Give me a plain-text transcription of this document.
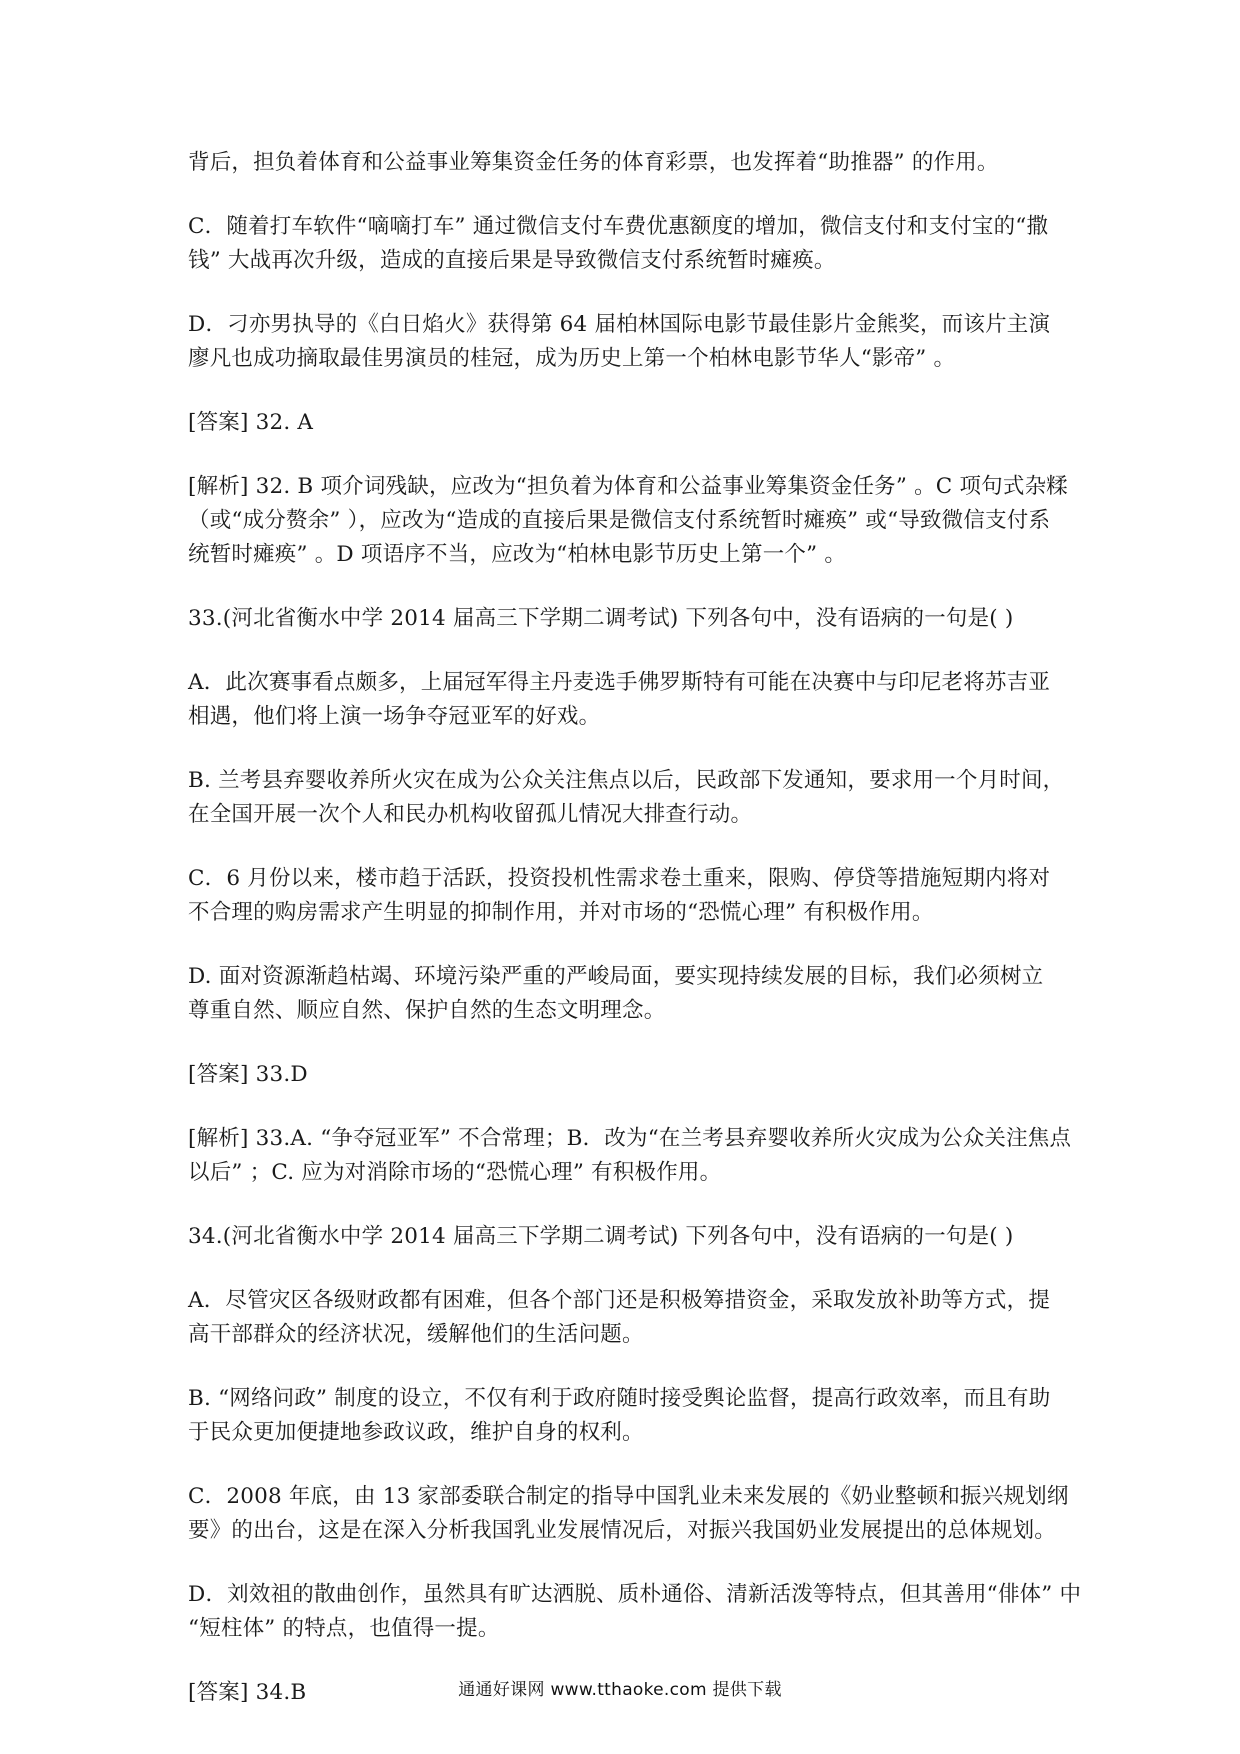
背后，担负着体育和公益事业筹集资金任务的体育彩票，也发挥着“助推器” 的作用。

C．随着打车软件“嘀嘀打车” 通过微信支付车费优惠额度的增加，微信支付和支付宝的“撒
钱” 大战再次升级，造成的直接后果是导致微信支付系统暂时瘫痪。

D．刁亦男执导的《白日焰火》获得第 64 届柏林国际电影节最佳影片金熊奖，而该片主演
廖凡也成功摘取最佳男演员的桂冠，成为历史上第一个柏林电影节华人“影帝” 。

[答案] 32. A

[解析] 32. B 项介词残缺，应改为“担负着为体育和公益事业筹集资金任务” 。C 项句式杂糅
（或“成分赘余” ），应改为“造成的直接后果是微信支付系统暂时瘫痪” 或“导致微信支付系
统暂时瘫痪” 。D 项语序不当，应改为“柏林电影节历史上第一个” 。

33.(河北省衡水中学 2014 届高三下学期二调考试) 下列各句中，没有语病的一句是( )

A．此次赛事看点颇多，上届冠军得主丹麦选手佛罗斯特有可能在决赛中与印尼老将苏吉亚
相遇，他们将上演一场争夺冠亚军的好戏。

B. 兰考县弃婴收养所火灾在成为公众关注焦点以后，民政部下发通知，要求用一个月时间，
在全国开展一次个人和民办机构收留孤儿情况大排查行动。

C．6 月份以来，楼市趋于活跃，投资投机性需求卷土重来，限购、停贷等措施短期内将对
不合理的购房需求产生明显的抑制作用，并对市场的“恐慌心理” 有积极作用。

D. 面对资源渐趋枯竭、环境污染严重的严峻局面，要实现持续发展的目标，我们必须树立
尊重自然、顺应自然、保护自然的生态文明理念。

[答案] 33.D

[解析] 33.A. “争夺冠亚军” 不合常理；B．改为“在兰考县弃婴收养所火灾成为公众关注焦点
以后” ；C. 应为对消除市场的“恐慌心理” 有积极作用。

34.(河北省衡水中学 2014 届高三下学期二调考试) 下列各句中，没有语病的一句是( )

A．尽管灾区各级财政都有困难，但各个部门还是积极筹措资金，采取发放补助等方式，提
高干部群众的经济状况，缓解他们的生活问题。

B. “网络问政” 制度的设立，不仅有利于政府随时接受舆论监督，提高行政效率，而且有助
于民众更加便捷地参政议政，维护自身的权利。

C．2008 年底，由 13 家部委联合制定的指导中国乳业未来发展的《奶业整顿和振兴规划纲
要》的出台，这是在深入分析我国乳业发展情况后，对振兴我国奶业发展提出的总体规划。

D．刘效祖的散曲创作，虽然具有旷达洒脱、质朴通俗、清新活泼等特点，但其善用“俳体” 中
“短柱体” 的特点，也值得一提。

[答案] 34.B	通通好课网 www.tthaoke.com 提供下载
